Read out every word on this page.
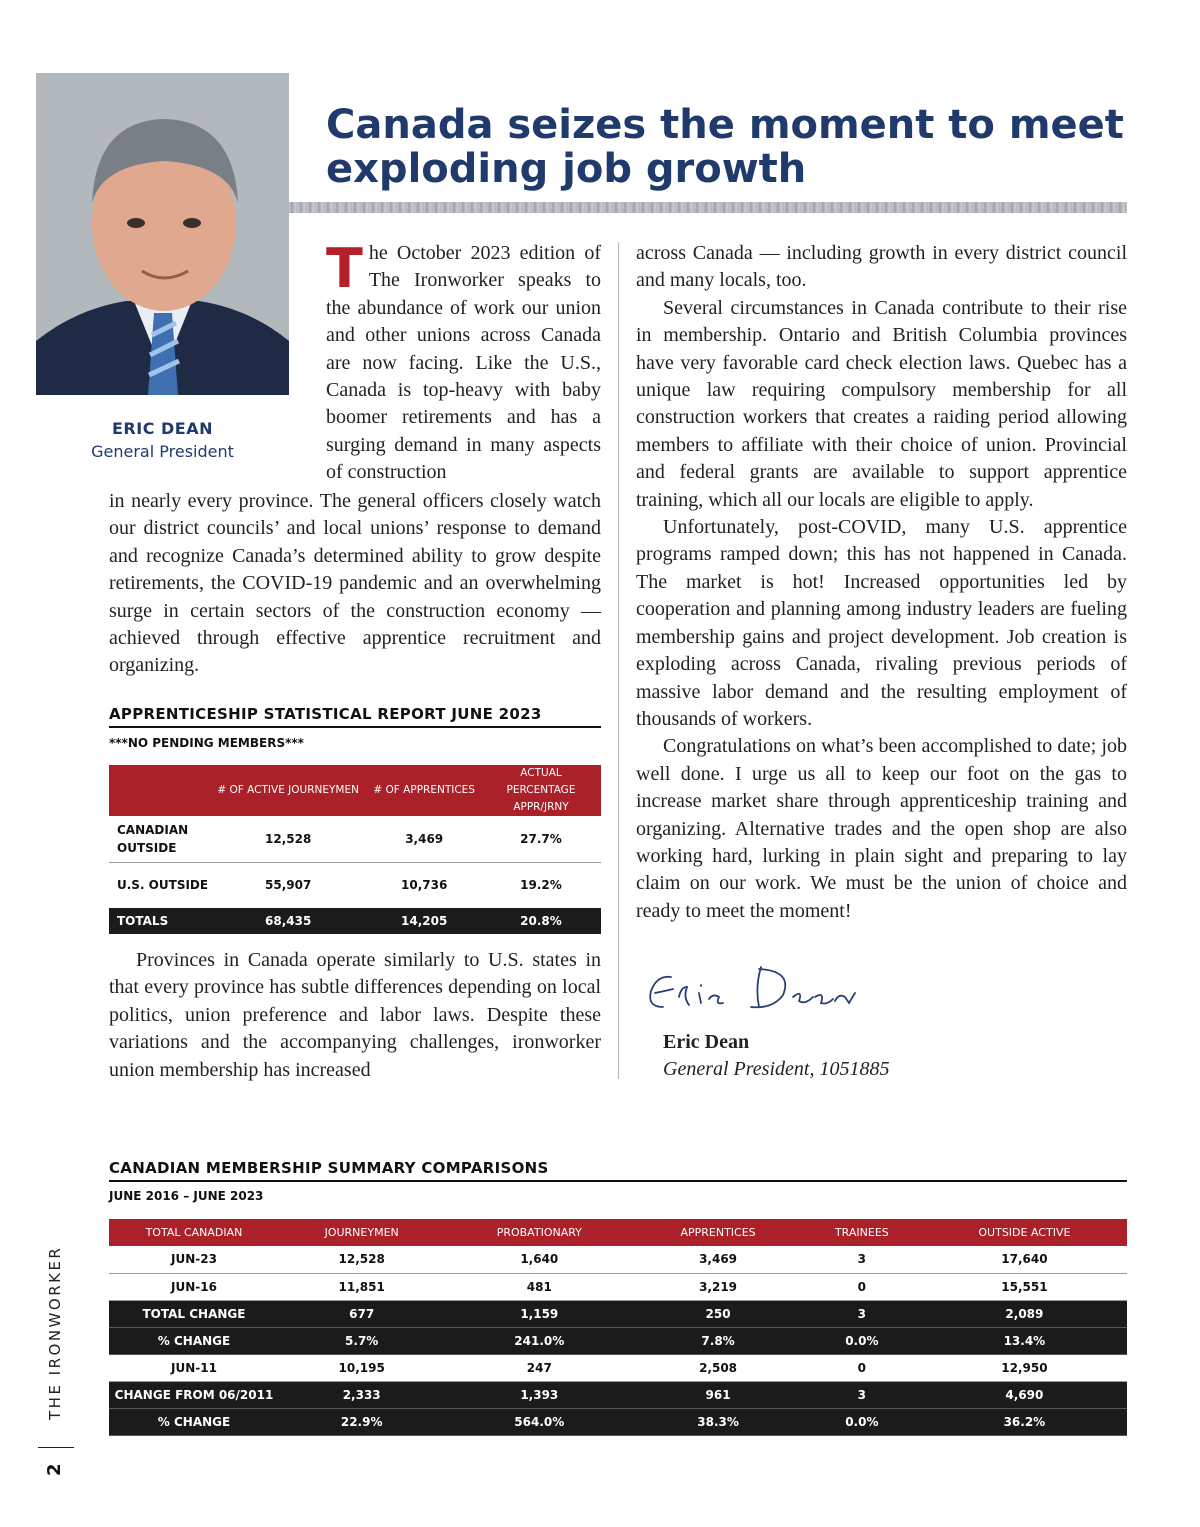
ERIC DEAN
General President
Canada seizes the moment to meet exploding job growth
The October 2023 edition of The Ironworker speaks to the abundance of work our union and other unions across Canada are now facing. Like the U.S., Canada is top-heavy with baby boomer retirements and has a surging demand in many aspects of construction
in nearly every province. The general officers closely watch our district councils’ and local unions’ response to demand and recognize Canada’s determined ability to grow despite retirements, the COVID-19 pandemic and an overwhelming surge in certain sectors of the construction economy — achieved through effective apprentice recruitment and organizing.
APPRENTICESHIP STATISTICAL REPORT JUNE 2023
***NO PENDING MEMBERS***
	# OF ACTIVE JOURNEYMEN	# OF APPRENTICES	ACTUAL PERCENTAGE APPR/JRNY
CANADIAN OUTSIDE	12,528	3,469	27.7%
U.S. OUTSIDE	55,907	10,736	19.2%
TOTALS	68,435	14,205	20.8%

Provinces in Canada operate similarly to U.S. states in that every province has subtle differences depending on local politics, union preference and labor laws. Despite these variations and the accompanying challenges, ironworker union membership has increased

across Canada — including growth in every district council and many locals, too.

Several circumstances in Canada contribute to their rise in membership. Ontario and British Columbia provinces have very favorable card check election laws. Quebec has a unique law requiring compulsory membership for all construction workers that creates a raiding period allowing members to affiliate with their choice of union. Provincial and federal grants are available to support apprentice training, which all our locals are eligible to apply.

Unfortunately, post-COVID, many U.S. apprentice programs ramped down; this has not happened in Canada. The market is hot! Increased opportunities led by cooperation and planning among industry leaders are fueling membership gains and project development. Job creation is exploding across Canada, rivaling previous periods of massive labor demand and the resulting employment of thousands of workers.

Congratulations on what’s been accomplished to date; job well done. I urge us all to keep our foot on the gas to increase market share through apprenticeship training and organizing. Alternative trades and the open shop are also working hard, lurking in plain sight and preparing to lay claim on our work. We must be the union of choice and ready to meet the moment!

Eric Dean
General President, 1051885
CANADIAN MEMBERSHIP SUMMARY COMPARISONS
JUNE 2016 – JUNE 2023
TOTAL CANADIAN	JOURNEYMEN	PROBATIONARY	APPRENTICES	TRAINEES	OUTSIDE ACTIVE
JUN-23	12,528	1,640	3,469	3	17,640
JUN-16	11,851	481	3,219	0	15,551
TOTAL CHANGE	677	1,159	250	3	2,089
% CHANGE	5.7%	241.0%	7.8%	0.0%	13.4%
JUN-11	10,195	247	2,508	0	12,950
CHANGE FROM 06/2011	2,333	1,393	961	3	4,690
% CHANGE	22.9%	564.0%	38.3%	0.0%	36.2%
THE IRONWORKER
2
